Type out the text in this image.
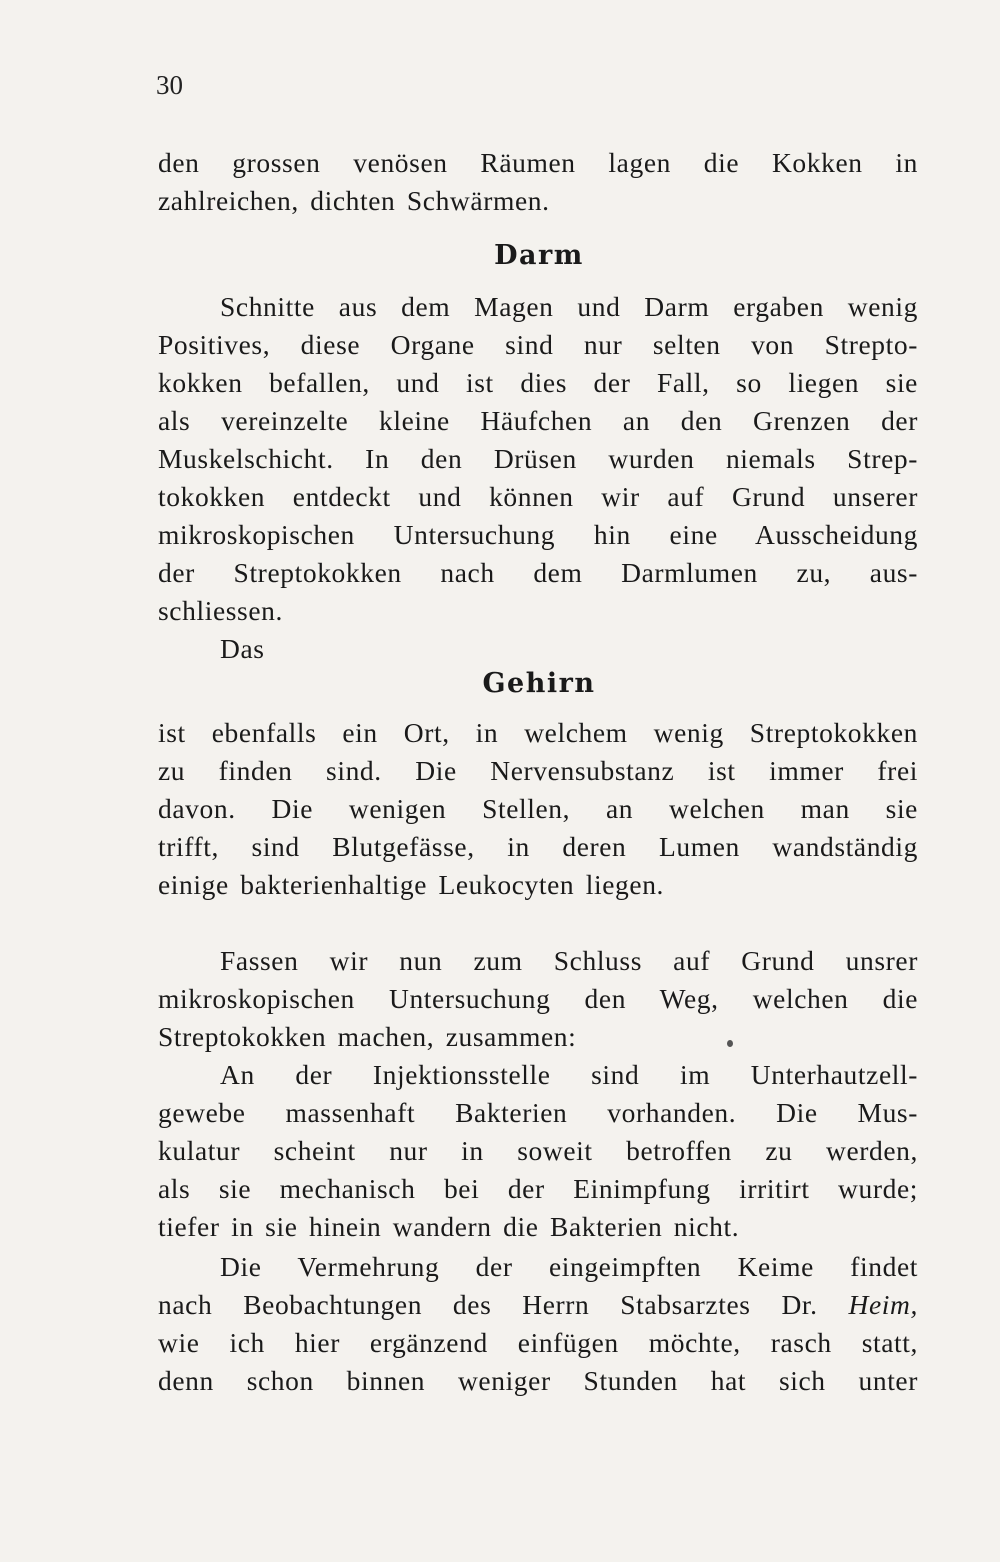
30
den grossen venösen Räumen lagen die Kokken in
zahlreichen, dichten Schwärmen.
Darm
Schnitte aus dem Magen und Darm ergaben wenig
Positives, diese Organe sind nur selten von Strepto-
kokken befallen, und ist dies der Fall, so liegen sie
als vereinzelte kleine Häufchen an den Grenzen der
Muskelschicht. In den Drüsen wurden niemals Strep-
tokokken entdeckt und können wir auf Grund unserer
mikroskopischen Untersuchung hin eine Ausscheidung
der Streptokokken nach dem Darmlumen zu, aus-
schliessen.
Das
Gehirn
ist ebenfalls ein Ort, in welchem wenig Streptokokken
zu finden sind. Die Nervensubstanz ist immer frei
davon. Die wenigen Stellen, an welchen man sie
trifft, sind Blutgefässe, in deren Lumen wandständig
einige bakterienhaltige Leukocyten liegen.
Fassen wir nun zum Schluss auf Grund unsrer
mikroskopischen Untersuchung den Weg, welchen die
Streptokokken machen, zusammen:
An der Injektionsstelle sind im Unterhautzell-
gewebe massenhaft Bakterien vorhanden. Die Mus-
kulatur scheint nur in soweit betroffen zu werden,
als sie mechanisch bei der Einimpfung irritirt wurde;
tiefer in sie hinein wandern die Bakterien nicht.
Die Vermehrung der eingeimpften Keime findet
nach Beobachtungen des Herrn Stabsarztes Dr. Heim,
wie ich hier ergänzend einfügen möchte, rasch statt,
denn schon binnen weniger Stunden hat sich unter
